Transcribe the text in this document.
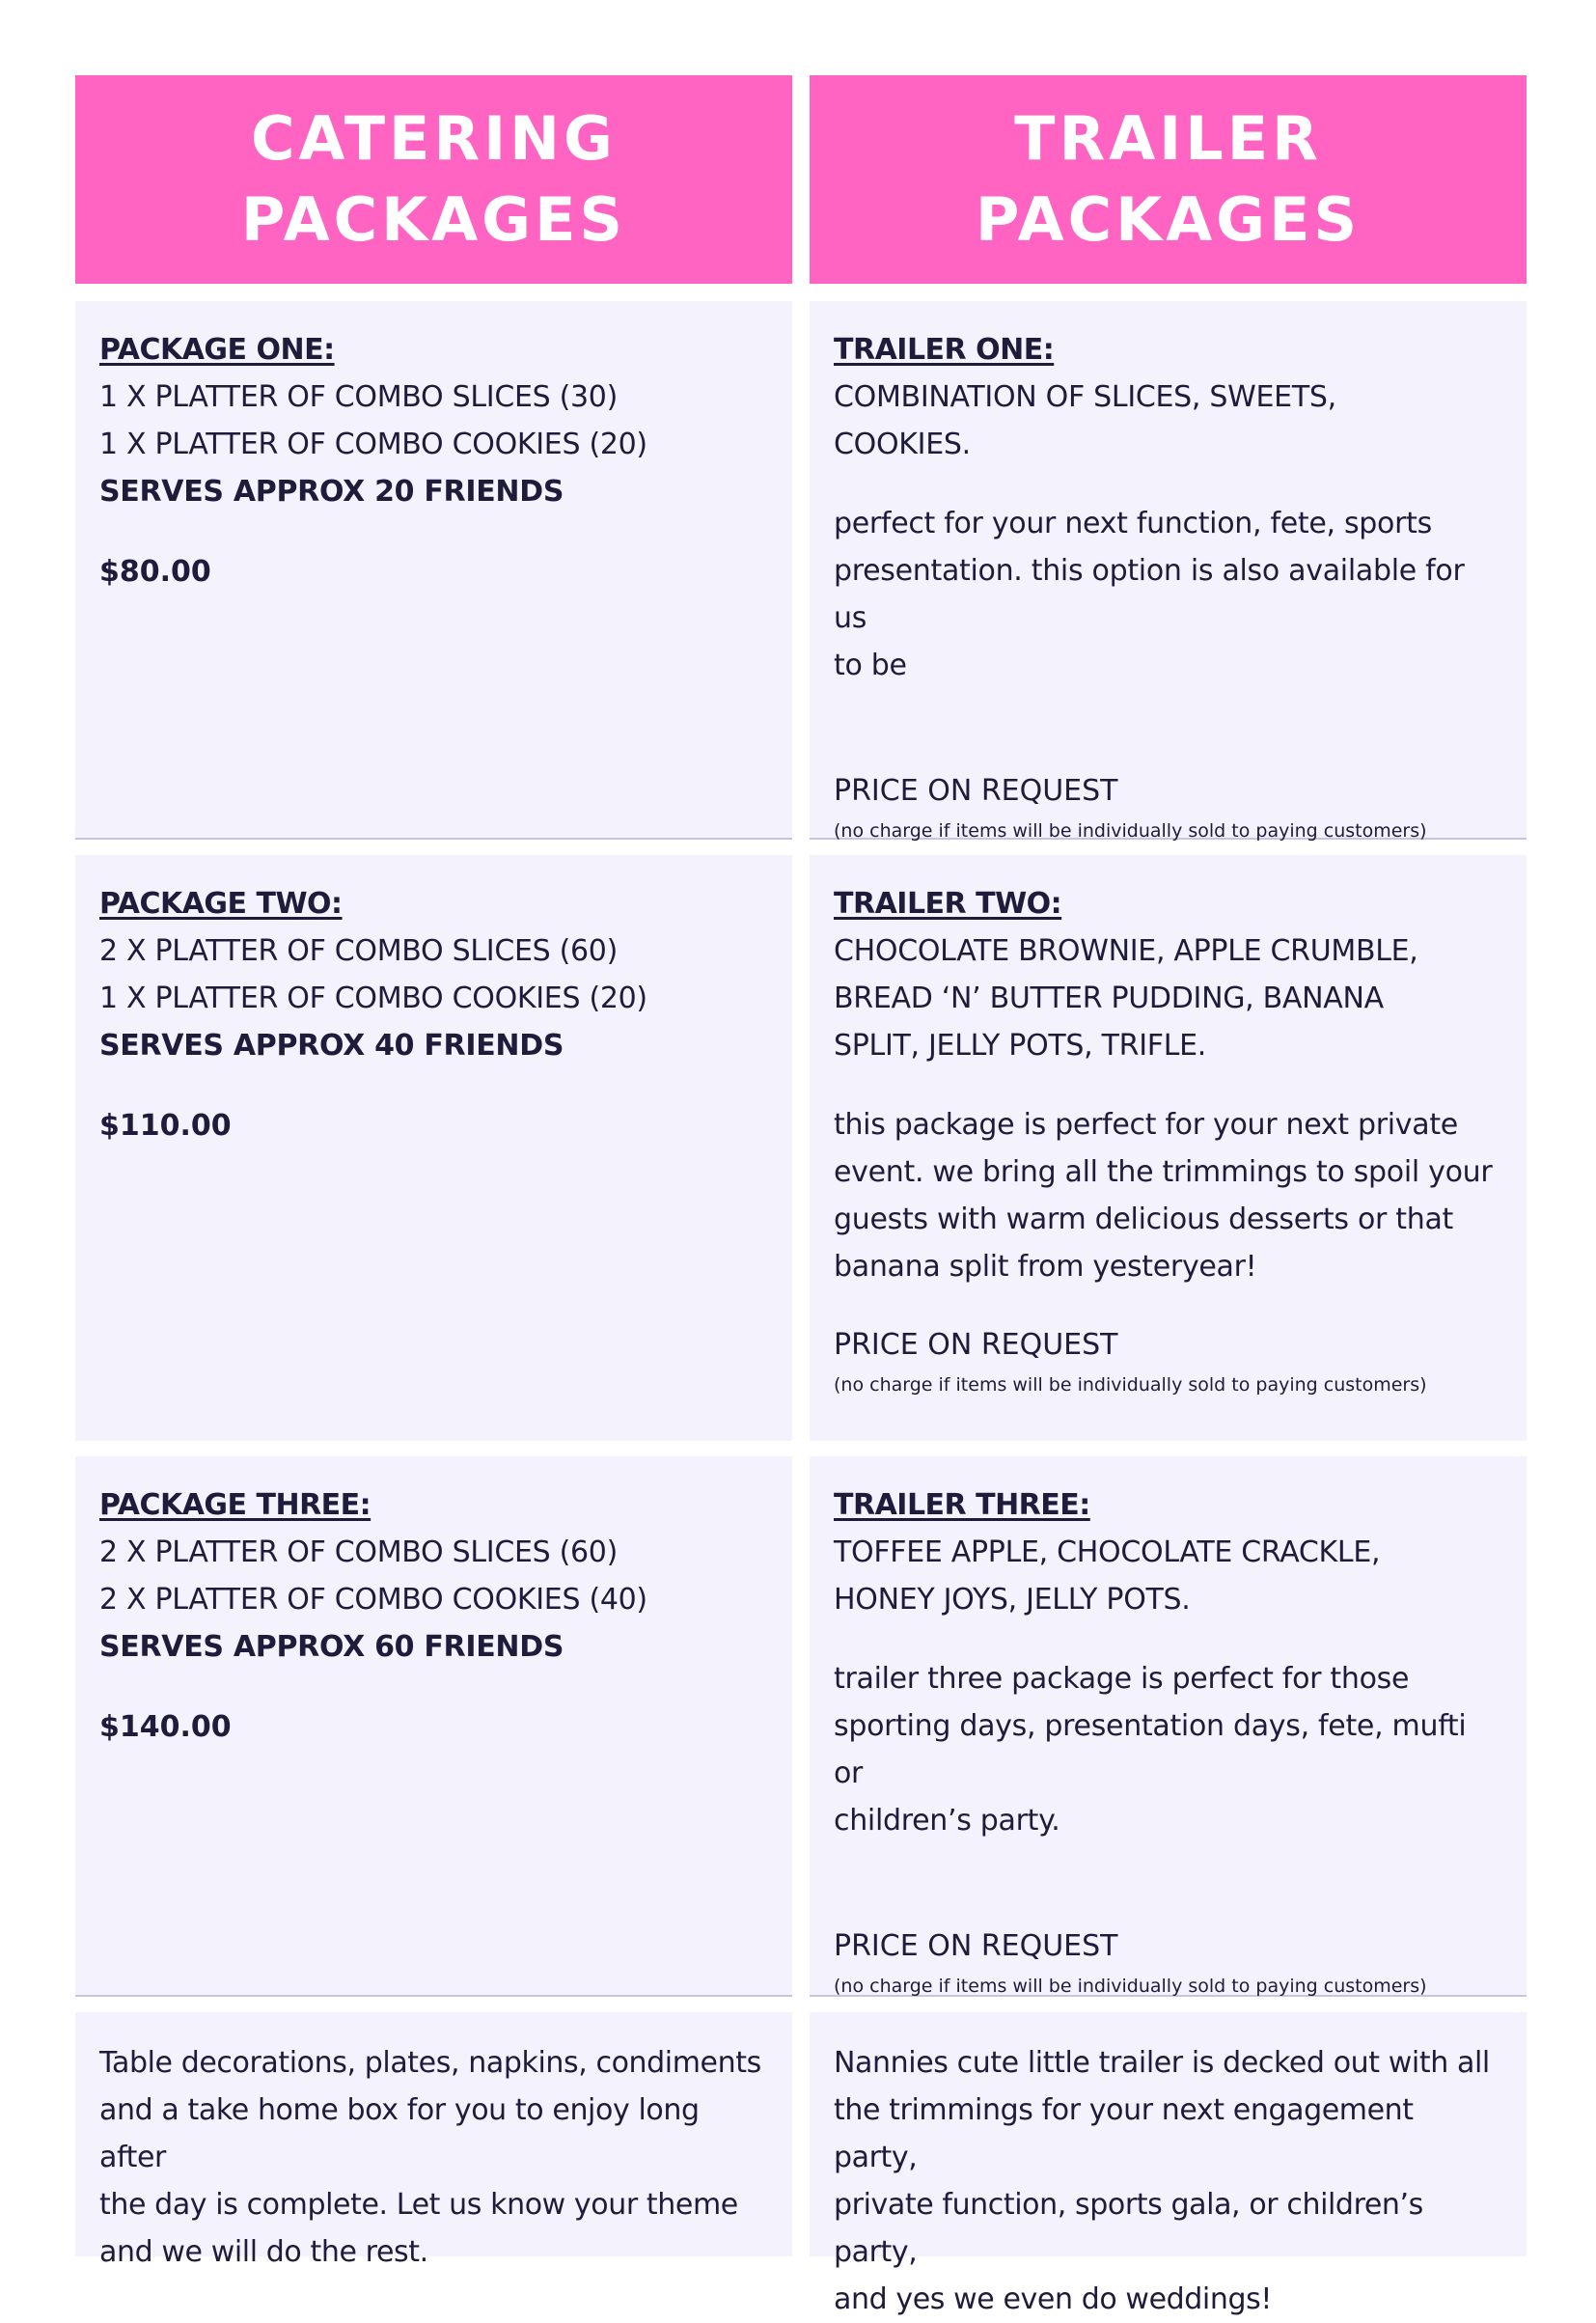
CATERING
PACKAGES
PACKAGE ONE:
1 X PLATTER OF COMBO SLICES (30)
1 X PLATTER OF COMBO COOKIES (20)
SERVES APPROX 20 FRIENDS
$80.00
PACKAGE TWO:
2 X PLATTER OF COMBO SLICES (60)
1 X PLATTER OF COMBO COOKIES (20)
SERVES APPROX 40 FRIENDS
$110.00
PACKAGE THREE:
2 X PLATTER OF COMBO SLICES (60)
2 X PLATTER OF COMBO COOKIES (40)
SERVES APPROX 60 FRIENDS
$140.00
Table decorations, plates, napkins, condiments
and a take home box for you to enjoy long after
the day is complete. Let us know your theme
and we will do the rest.
TRAILER
PACKAGES
TRAILER ONE:
COMBINATION OF SLICES, SWEETS,
COOKIES.
perfect for your next function, fete, sports
presentation. this option is also available for us
to be
PRICE ON REQUEST
(no charge if items will be individually sold to paying customers)
TRAILER TWO:
CHOCOLATE BROWNIE, APPLE CRUMBLE,
BREAD ‘N’ BUTTER PUDDING, BANANA
SPLIT, JELLY POTS, TRIFLE.
this package is perfect for your next private
event. we bring all the trimmings to spoil your
guests with warm delicious desserts or that
banana split from yesteryear!
PRICE ON REQUEST
(no charge if items will be individually sold to paying customers)
TRAILER THREE:
TOFFEE APPLE, CHOCOLATE CRACKLE,
HONEY JOYS, JELLY POTS.
trailer three package is perfect for those
sporting days, presentation days, fete, mufti or
children’s party.
PRICE ON REQUEST
(no charge if items will be individually sold to paying customers)
Nannies cute little trailer is decked out with all
the trimmings for your next engagement party,
private function, sports gala, or children’s party,
and yes we even do weddings!
